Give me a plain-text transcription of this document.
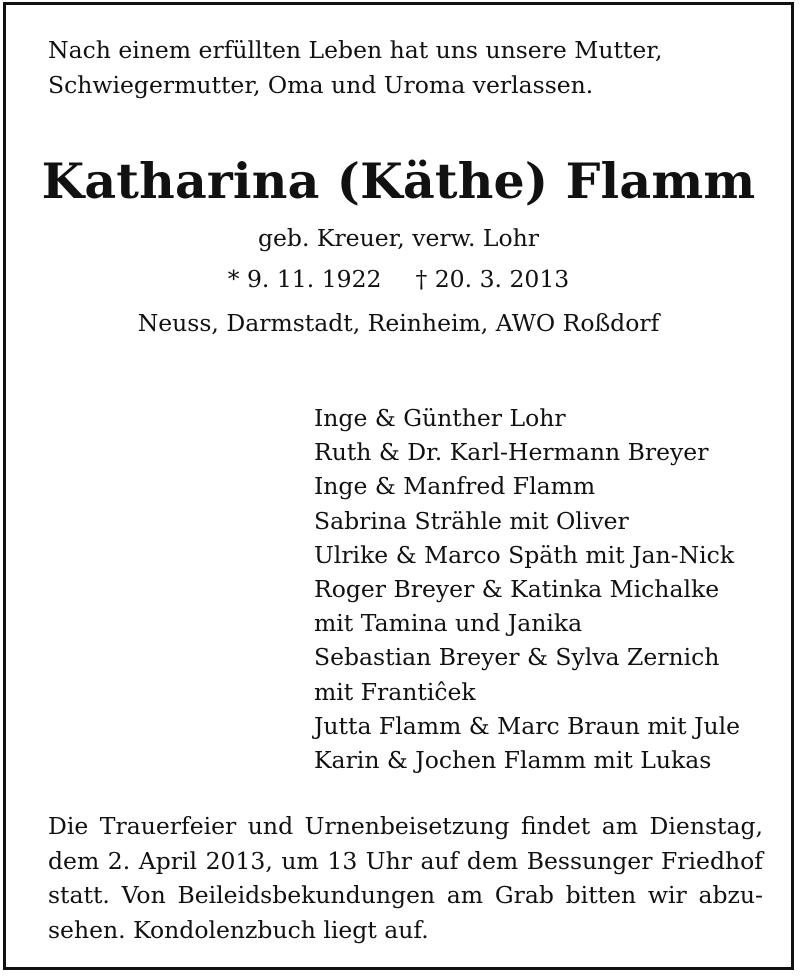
Nach einem erfüllten Leben hat uns unsere Mutter,
Schwiegermutter, Oma und Uroma verlassen.

Katharina (Käthe) Flamm

geb. Kreuer, verw. Lohr

* 9. 11. 1922 † 20. 3. 2013

Neuss, Darmstadt, Reinheim, AWO Roßdorf

Inge & Günther Lohr
Ruth & Dr. Karl-Hermann Breyer
Inge & Manfred Flamm
Sabrina Strähle mit Oliver
Ulrike & Marco Späth mit Jan-Nick
Roger Breyer & Katinka Michalke
mit Tamina und Janika
Sebastian Breyer & Sylva Zernich
mit Frantiĉek
Jutta Flamm & Marc Braun mit Jule
Karin & Jochen Flamm mit Lukas

Die Trauerfeier und Urnenbeisetzung findet am Dienstag,
dem 2. April 2013, um 13 Uhr auf dem Bessunger Friedhof
statt. Von Beileidsbekundungen am Grab bitten wir abzu-
sehen. Kondolenzbuch liegt auf.
